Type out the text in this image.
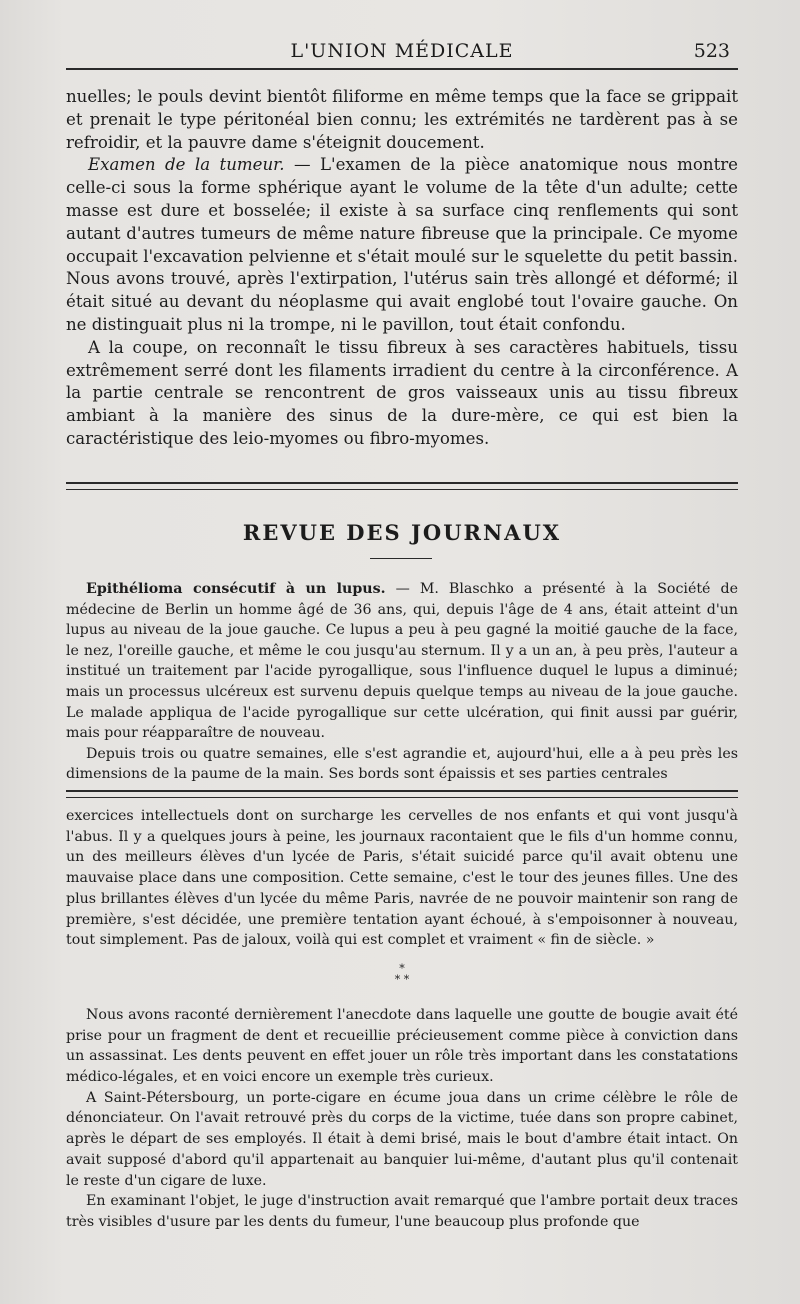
L'UNION MÉDICALE	523

nuelles; le pouls devint bientôt filiforme en même temps que la face se grippait et prenait le type péritonéal bien connu; les extrémités ne tardèrent pas à se refroidir, et la pauvre dame s'éteignit doucement.

Examen de la tumeur. — L'examen de la pièce anatomique nous montre celle-ci sous la forme sphérique ayant le volume de la tête d'un adulte; cette masse est dure et bosselée; il existe à sa surface cinq renflements qui sont autant d'autres tumeurs de même nature fibreuse que la principale. Ce myome occupait l'excavation pelvienne et s'était moulé sur le squelette du petit bassin. Nous avons trouvé, après l'extirpation, l'utérus sain très allongé et déformé; il était situé au devant du néoplasme qui avait englobé tout l'ovaire gauche. On ne distinguait plus ni la trompe, ni le pavillon, tout était confondu.

A la coupe, on reconnaît le tissu fibreux à ses caractères habituels, tissu extrêmement serré dont les filaments irradient du centre à la circonférence. A la partie centrale se rencontrent de gros vaisseaux unis au tissu fibreux ambiant à la manière des sinus de la dure-mère, ce qui est bien la caractéristique des leio-myomes ou fibro-myomes.

REVUE DES JOURNAUX

Epithélioma consécutif à un lupus. — M. Blaschko a présenté à la Société de médecine de Berlin un homme âgé de 36 ans, qui, depuis l'âge de 4 ans, était atteint d'un lupus au niveau de la joue gauche. Ce lupus a peu à peu gagné la moitié gauche de la face, le nez, l'oreille gauche, et même le cou jusqu'au sternum. Il y a un an, à peu près, l'auteur a institué un traitement par l'acide pyrogallique, sous l'influence duquel le lupus a diminué; mais un processus ulcéreux est survenu depuis quelque temps au niveau de la joue gauche. Le malade appliqua de l'acide pyrogallique sur cette ulcération, qui finit aussi par guérir, mais pour réapparaître de nouveau.

Depuis trois ou quatre semaines, elle s'est agrandie et, aujourd'hui, elle a à peu près les dimensions de la paume de la main. Ses bords sont épaissis et ses parties centrales

exercices intellectuels dont on surcharge les cervelles de nos enfants et qui vont jusqu'à l'abus. Il y a quelques jours à peine, les journaux racontaient que le fils d'un homme connu, un des meilleurs élèves d'un lycée de Paris, s'était suicidé parce qu'il avait obtenu une mauvaise place dans une composition. Cette semaine, c'est le tour des jeunes filles. Une des plus brillantes élèves d'un lycée du même Paris, navrée de ne pouvoir maintenir son rang de première, s'est décidée, une première tentation ayant échoué, à s'empoisonner à nouveau, tout simplement. Pas de jaloux, voilà qui est complet et vraiment « fin de siècle. »

*
* *

Nous avons raconté dernièrement l'anecdote dans laquelle une goutte de bougie avait été prise pour un fragment de dent et recueillie précieusement comme pièce à conviction dans un assassinat. Les dents peuvent en effet jouer un rôle très important dans les constatations médico-légales, et en voici encore un exemple très curieux.

A Saint-Pétersbourg, un porte-cigare en écume joua dans un crime célèbre le rôle de dénonciateur. On l'avait retrouvé près du corps de la victime, tuée dans son propre cabinet, après le départ de ses employés. Il était à demi brisé, mais le bout d'ambre était intact. On avait supposé d'abord qu'il appartenait au banquier lui-même, d'autant plus qu'il contenait le reste d'un cigare de luxe.

En examinant l'objet, le juge d'instruction avait remarqué que l'ambre portait deux traces très visibles d'usure par les dents du fumeur, l'une beaucoup plus profonde que
